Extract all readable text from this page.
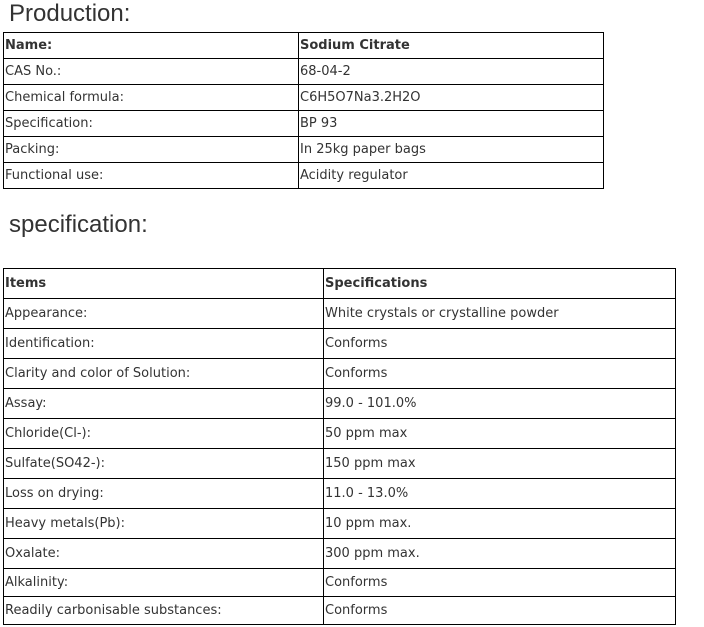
Production:
Name:	Sodium Citrate
CAS No.:	68-04-2
Chemical formula:	C6H5O7Na3.2H2O
Specification:	BP 93
Packing:	In 25kg paper bags
Functional use:	Acidity regulator
specification:
Items	Specifications
Appearance:	White crystals or crystalline powder
Identification:	Conforms
Clarity and color of Solution:	Conforms
Assay:	99.0 - 101.0%
Chloride(Cl-):	50 ppm max
Sulfate(SO42-):	150 ppm max
Loss on drying:	11.0 - 13.0%
Heavy metals(Pb):	10 ppm max.
Oxalate:	300 ppm max.
Alkalinity:	Conforms
Readily carbonisable substances:	Conforms
